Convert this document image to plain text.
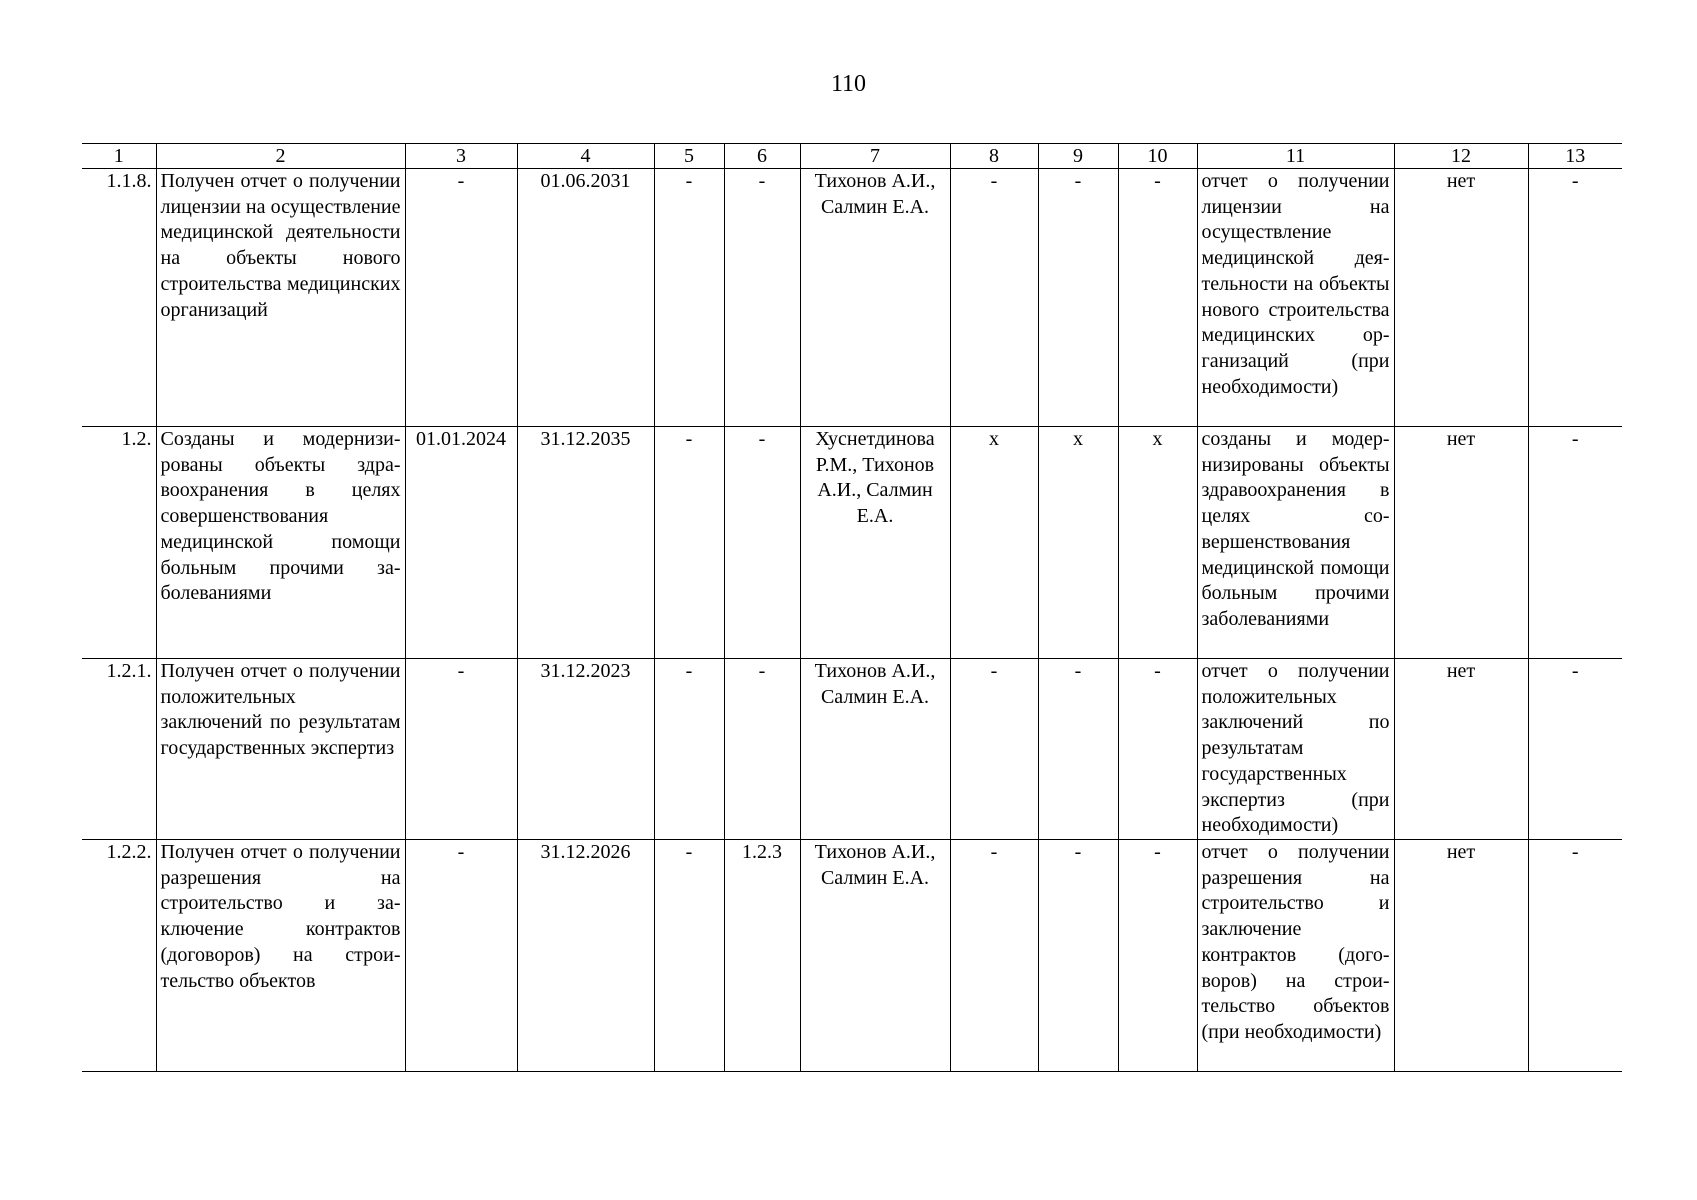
110
1	2	3	4	5	6	7	8	9	10	11	12	13
1.1.8.	Получен отчет о получении лицензии на осуществление медицинской деятельности на объекты нового строительства медицинских организаций	-	01.06.2031	-	-	Тихонов А.И., Салмин Е.А.	-	-	-	отчет о получении лицензии на осуществление медицинской деятельности на объекты нового строительства медицинских организаций (при необходимости)	нет	-
1.2.	Созданы и модернизированы объекты здравоохранения в целях совершенствования медицинской помощи больным прочими заболеваниями	01.01.2024	31.12.2035	-	-	Хуснетдинова Р.М., Тихонов А.И., Салмин Е.А.	х	х	х	созданы и модернизированы объекты здравоохранения в целях совершенствования медицинской помощи больным прочими заболеваниями	нет	-
1.2.1.	Получен отчет о получении положительных заключений по результатам государственных экспертиз	-	31.12.2023	-	-	Тихонов А.И., Салмин Е.А.	-	-	-	отчет о получении положительных заключений по результатам государственных экспертиз (при необходимости)	нет	-
1.2.2.	Получен отчет о получении разрешения на строительство и заключение контрактов (договоров) на строительство объектов	-	31.12.2026	-	1.2.3	Тихонов А.И., Салмин Е.А.	-	-	-	отчет о получении разрешения на строительство и заключение контрактов (договоров) на строительство объектов (при необходимости)	нет	-
